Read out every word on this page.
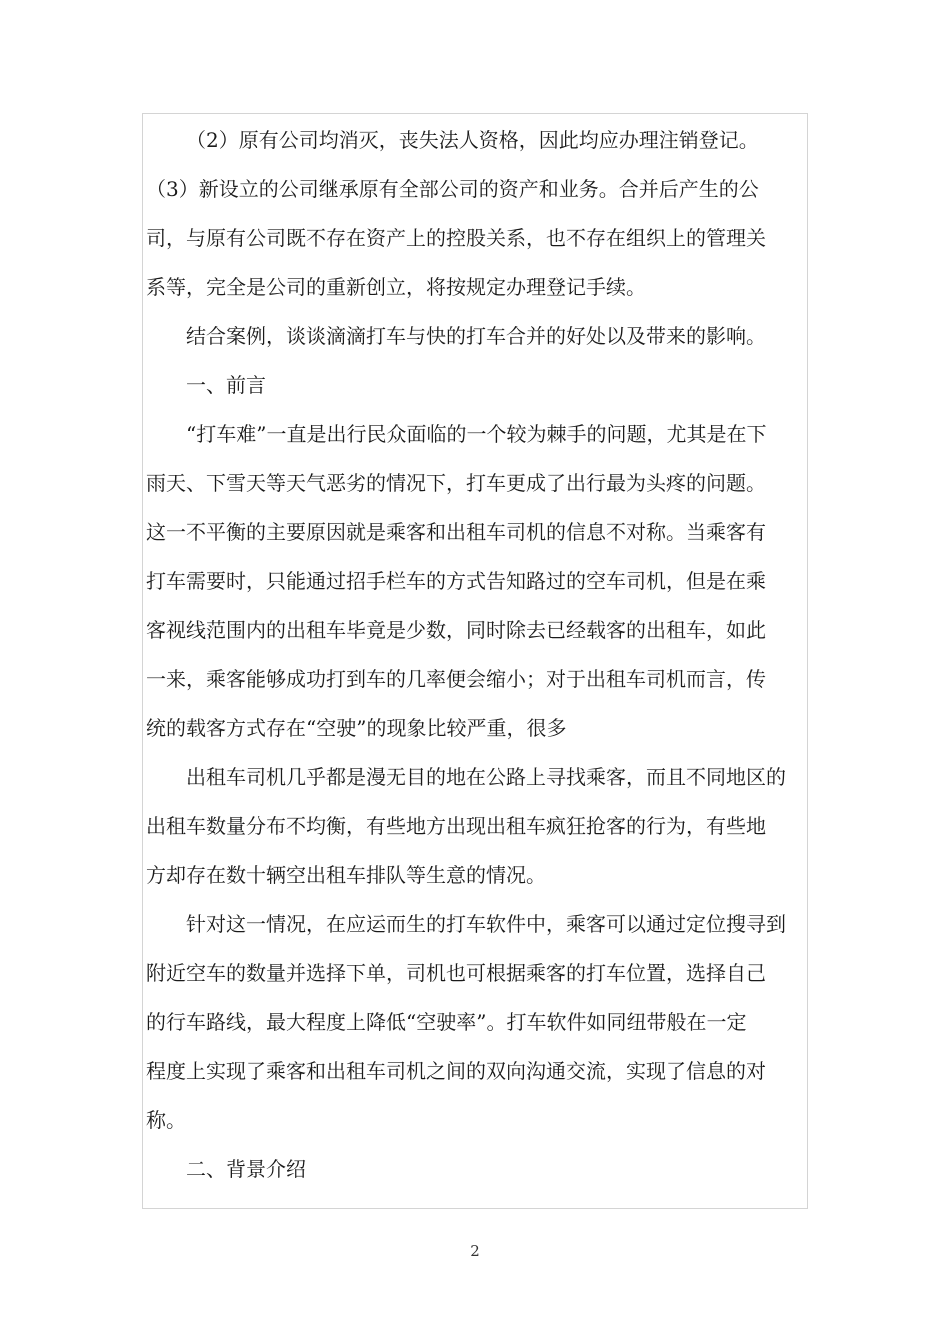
（2）原有公司均消灭，丧失法人资格，因此均应办理注销登记。
（3）新设立的公司继承原有全部公司的资产和业务。合并后产生的公
司，与原有公司既不存在资产上的控股关系，也不存在组织上的管理关
系等，完全是公司的重新创立，将按规定办理登记手续。
结合案例，谈谈滴滴打车与快的打车合并的好处以及带来的影响。
一、前言
“打车难”一直是出行民众面临的一个较为棘手的问题，尤其是在下
雨天、下雪天等天气恶劣的情况下，打车更成了出行最为头疼的问题。
这一不平衡的主要原因就是乘客和出租车司机的信息不对称。当乘客有
打车需要时，只能通过招手栏车的方式告知路过的空车司机，但是在乘
客视线范围内的出租车毕竟是少数，同时除去已经载客的出租车，如此
一来，乘客能够成功打到车的几率便会缩小；对于出租车司机而言，传
统的载客方式存在“空驶”的现象比较严重，很多
出租车司机几乎都是漫无目的地在公路上寻找乘客，而且不同地区的
出租车数量分布不均衡，有些地方出现出租车疯狂抢客的行为，有些地
方却存在数十辆空出租车排队等生意的情况。
针对这一情况，在应运而生的打车软件中，乘客可以通过定位搜寻到
附近空车的数量并选择下单，司机也可根据乘客的打车位置，选择自己
的行车路线，最大程度上降低“空驶率”。打车软件如同纽带般在一定
程度上实现了乘客和出租车司机之间的双向沟通交流，实现了信息的对
称。
二、背景介绍
2
